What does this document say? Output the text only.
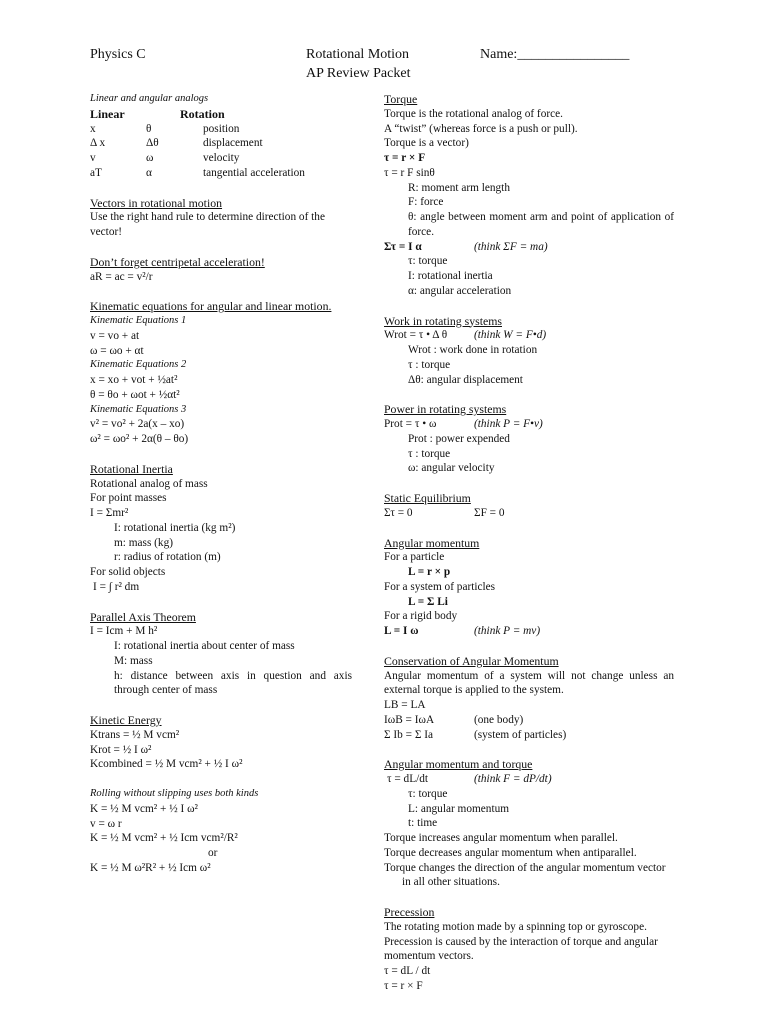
Physics C	Rotational Motion
AP Review Packet
Name:________________
Linear and angular analogs
Linear	Rotation
x	θ	position
Δ x	Δθ	displacement
v	ω	velocity
aT	α	tangential acceleration
Vectors in rotational motion
Use the right hand rule to determine direction of the vector!
Don’t forget centripetal acceleration!
aR = ac = v²/r
Kinematic equations for angular and linear motion.
Kinematic Equations 1
v = vo + at
ω = ωo + αt
Kinematic Equations 2
x = xo + vot + ½at²
θ = θo + ωot + ½αt²
Kinematic Equations 3
v² = vo² + 2a(x – xo)
ω² = ωo² + 2α(θ – θo)
Rotational Inertia
Rotational analog of mass
For point masses
I = Σmr²
I: rotational inertia (kg m²)
m: mass (kg)
r: radius of rotation (m)
For solid objects
I = ∫ r² dm
Parallel Axis Theorem
I = Icm + M h²
I: rotational inertia about center of mass
M: mass
h: distance between axis in question and axis through center of mass
Kinetic Energy
Ktrans = ½ M vcm²
Krot = ½ I ω²
Kcombined = ½ M vcm² + ½ I ω²
Rolling without slipping uses both kinds
K = ½ M vcm² + ½ I ω²
v = ω r
K = ½ M vcm² + ½ Icm vcm²/R²
or
K = ½ M ω²R² + ½ Icm ω²
Torque
Torque is the rotational analog of force.
A “twist” (whereas force is a push or pull).
Torque is a vector)
τ = r × F
τ = r F sinθ
R: moment arm length
F: force
θ: angle between moment arm and point of application of force.
Στ = I α	(think ΣF = ma)
τ: torque
I: rotational inertia
α: angular acceleration
Work in rotating systems
Wrot = τ • Δ θ (think W = F•d)
Wrot : work done in rotation
τ : torque
Δθ: angular displacement
Power in rotating systems
Prot = τ • ω	(think P = F•v)
Prot : power expended
τ : torque
ω: angular velocity
Static Equilibrium
Στ = 0	ΣF = 0
Angular momentum
For a particle
L = r × p
For a system of particles
L = Σ Li
For a rigid body
L = I ω	(think P = mv)
Conservation of Angular Momentum
Angular momentum of a system will not change unless an external torque is applied to the system.
LB = LA
IωB = IωA	(one body)
Σ Ib = Σ Ia	(system of particles)
Angular momentum and torque
τ = dL/dt	(think F = dP/dt)
τ: torque
L: angular momentum
t: time
Torque increases angular momentum when parallel.
Torque decreases angular momentum when antiparallel.
Torque changes the direction of the angular momentum vector in all other situations.
Precession
The rotating motion made by a spinning top or gyroscope.
Precession is caused by the interaction of torque and angular momentum vectors.
τ = dL / dt
τ = r × F
